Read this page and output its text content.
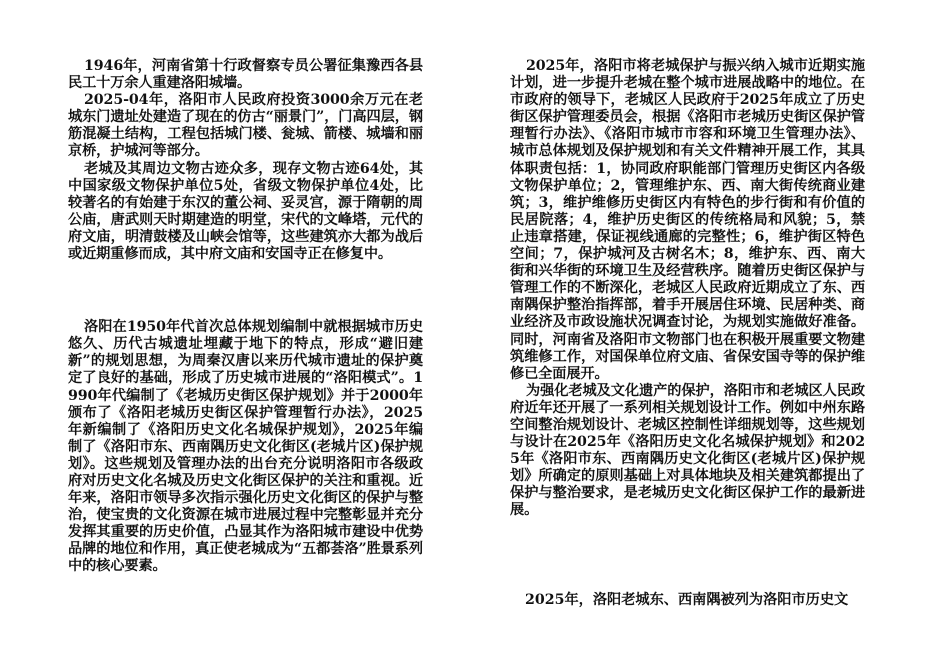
1946年，河南省第十行政督察专员公署征集豫西各县民工十万余人重建洛阳城墙。

2025-04年，洛阳市人民政府投资3000余万元在老城东门遗址处建造了现在的仿古“丽景门”，门高四层，钢筋混凝土结构，工程包括城门楼、瓮城、箭楼、城墙和丽京桥，护城河等部分。

老城及其周边文物古迹众多，现存文物古迹64处，其中国家级文物保护单位5处，省级文物保护单位4处，比较著名的有始建于东汉的董公祠、妥灵宫，源于隋朝的周公庙，唐武则天时期建造的明堂，宋代的文峰塔，元代的府文庙，明清鼓楼及山峡会馆等，这些建筑亦大都为战后或近期重修而成，其中府文庙和安国寺正在修复中。

洛阳在1950年代首次总体规划编制中就根据城市历史悠久、历代古城遗址埋藏于地下的特点，形成“避旧建新”的规划思想，为周秦汉唐以来历代城市遗址的保护奠定了良好的基础，形成了历史城市进展的“洛阳模式”。1990年代编制了《老城历史街区保护规划》并于2000年颁布了《洛阳老城历史街区保护管理暂行办法》，2025年新编制了《洛阳历史文化名城保护规划》，2025年编制了《洛阳市东、西南隅历史文化街区(老城片区)保护规划》。这些规划及管理办法的出台充分说明洛阳市各级政府对历史文化名城及历史文化街区保护的关注和重视。近年来，洛阳市领导多次指示强化历史文化街区的保护与整治，使宝贵的文化资源在城市进展过程中完整彰显并充分发挥其重要的历史价值，凸显其作为洛阳城市建设中优势品牌的地位和作用，真正使老城成为“五都荟洛”胜景系列中的核心要素。

2025年，洛阳市将老城保护与振兴纳入城市近期实施计划，进一步提升老城在整个城市进展战略中的地位。在市政府的领导下，老城区人民政府于2025年成立了历史街区保护管理委员会，根据《洛阳市老城历史街区保护管理暂行办法》、《洛阳市城市市容和环境卫生管理办法》、城市总体规划及保护规划和有关文件精神开展工作，其具体职责包括：1，协同政府职能部门管理历史街区内各级文物保护单位；2，管理维护东、西、南大街传统商业建筑；3，维护维修历史街区内有特色的步行街和有价值的民居院落；4，维护历史街区的传统格局和风貌；5，禁止违章搭建，保证视线通廊的完整性；6，维护街区特色空间；7，保护城河及古树名木；8，维护东、西、南大街和兴华街的环境卫生及经营秩序。随着历史街区保护与管理工作的不断深化，老城区人民政府近期成立了东、西南隅保护整治指挥部，着手开展居住环境、民居种类、商业经济及市政设施状况调查讨论，为规划实施做好准备。同时，河南省及洛阳市文物部门也在积极开展重要文物建筑维修工作，对国保单位府文庙、省保安国寺等的保护维修已全面展开。

为强化老城及文化遗产的保护，洛阳市和老城区人民政府近年还开展了一系列相关规划设计工作。例如中州东路空间整治规划设计、老城区控制性详细规划等，这些规划与设计在2025年《洛阳历史文化名城保护规划》和2025年《洛阳市东、西南隅历史文化街区(老城片区)保护规划》所确定的原则基础上对具体地块及相关建筑都提出了保护与整治要求，是老城历史文化街区保护工作的最新进展。

2025年，洛阳老城东、西南隅被列为洛阳市历史文
